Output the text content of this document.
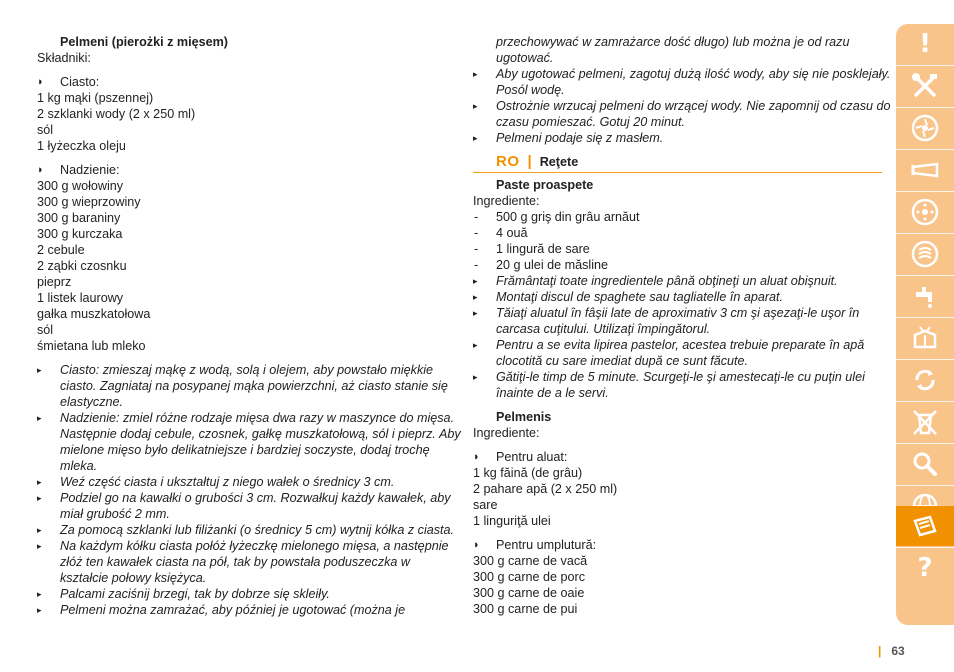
Pelmeni (pierożki z mięsem)
Składniki:
◗ Ciasto:
1 kg mąki (pszennej)
2 szklanki wody (2 x 250 ml)
sól
1 łyżeczka oleju
◗ Nadzienie:
300 g wołowiny
300 g wieprzowiny
300 g baraniny
300 g kurczaka
2 cebule
2 ząbki czosnku
pieprz
1 listek laurowy
gałka muszkatołowa
sól
śmietana lub mleko
▸ Ciasto: zmieszaj mąkę z wodą, solą i olejem, aby powstało miękkie
ciasto. Zagniataj na posypanej mąka powierzchni, aż ciasto stanie się
elastyczne.
▸ Nadzienie: zmiel różne rodzaje mięsa dwa razy w maszynce do mięsa.
Następnie dodaj cebule, czosnek, gałkę muszkatołową, sól i pieprz. Aby
mielone mięso było delikatniejsze i bardziej soczyste, dodaj trochę
mleka.
▸ Weź część ciasta i ukształtuj z niego wałek o średnicy 3 cm.
▸ Podziel go na kawałki o grubości 3 cm. Rozwałkuj każdy kawałek, aby
miał grubość 2 mm.
▸ Za pomocą szklanki lub filiżanki (o średnicy 5 cm) wytnij kółka z ciasta.
▸ Na każdym kółku ciasta połóż łyżeczkę mielonego mięsa, a następnie
złóż ten kawałek ciasta na pół, tak by powstała poduszeczka w
kształcie połowy księżyca.
▸ Palcami zaciśnij brzegi, tak by dobrze się skleiły.
▸ Pelmeni można zamrażać, aby później je ugotować (można je
przechowywać w zamrażarce dość długo) lub można je od razu
ugotować.
▸ Aby ugotować pelmeni, zagotuj dużą ilość wody, aby się nie posklejały.
Posól wodę.
▸ Ostrożnie wrzucaj pelmeni do wrzącej wody. Nie zapomnij od czasu do
czasu pomieszać. Gotuj 20 minut.
▸ Pelmeni podaje się z masłem.
RO | Reţete
Paste proaspete
Ingrediente:
- 500 g griş din grâu arnăut
- 4 ouă
- 1 lingură de sare
- 20 g ulei de măsline
▸ Frământaţi toate ingredientele până obţineţi un aluat obişnuit.
▸ Montaţi discul de spaghete sau tagliatelle în aparat.
▸ Tăiaţi aluatul în fâşii late de aproximativ 3 cm şi aşezaţi-le uşor în
carcasa cuţitului. Utilizaţi împingătorul.
▸ Pentru a se evita lipirea pastelor, acestea trebuie preparate în apă
clocotită cu sare imediat după ce sunt făcute.
▸ Gătiţi-le timp de 5 minute. Scurgeţi-le şi amestecaţi-le cu puţin ulei
înainte de a le servi.
Pelmenis
Ingrediente:
◗ Pentru aluat:
1 kg făină (de grâu)
2 pahare apă (2 x 250 ml)
sare
1 linguriţă ulei
◗ Pentru umplutură:
300 g carne de vacă
300 g carne de porc
300 g carne de oaie
300 g carne de pui
!
?
| 63
